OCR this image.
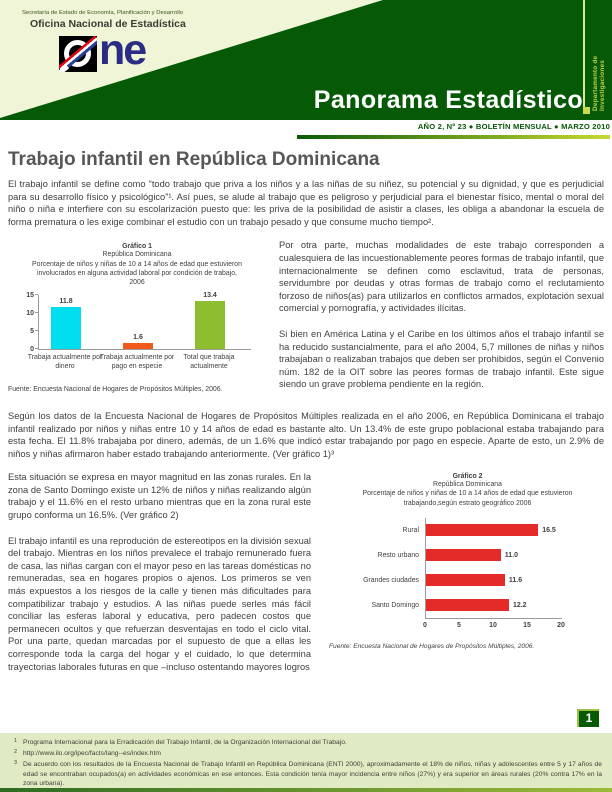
Secretaría de Estado de Economía, Planificación y Desarrollo
Oficina Nacional de Estadística
ne
Panorama Estadístico Departamento de Investigaciones
AÑO 2, Nº 23 ● BOLETÍN MENSUAL ● MARZO 2010
Trabajo infantil en República Dominicana

El trabajo infantil se define como “todo trabajo que priva a los niños y a las niñas de su niñez, su potencial y su dignidad, y que es perjudicial para su desarrollo físico y psicológico”¹. Así pues, se alude al trabajo que es peligroso y perjudicial para el bienestar físico, mental o moral del niño o niña e interfiere con su escolarización puesto que: les priva de la posibilidad de asistir a clases, les obliga a abandonar la escuela de forma prematura o les exige combinar el estudio con un trabajo pesado y que consume mucho tiempo².

Gráfico 1
República Dominicana
Porcentaje de niños y niñas de 10 a 14 años de edad que estuvieron involucrados en alguna actividad laboral por condición de trabajo,
2006
0
5
10
15
11.8
1.6
13.4
Trabaja actualmente por dinero
Trabaja actualmente por pago en especie
Total que trabaja actualmente
Fuente: Encuesta Nacional de Hogares de Propósitos Múltiples, 2006.

Por otra parte, muchas modalidades de este trabajo corresponden a cualesquiera de las incuestionablemente peores formas de trabajo infantil, que internacionalmente se definen como esclavitud, trata de personas, servidumbre por deudas y otras formas de trabajo como el reclutamiento forzoso de niños(as) para utilizarlos en conflictos armados, explotación sexual comercial y pornografía, y actividades ilícitas.

Si bien en América Latina y el Caribe en los últimos años el trabajo infantil se ha reducido sustancialmente, para el año 2004, 5,7 millones de niñas y niños trabajaban o realizaban trabajos que deben ser prohibidos, según el Convenio núm. 182 de la OIT sobre las peores formas de trabajo infantil. Este sigue siendo un grave problema pendiente en la región.

Según los datos de la Encuesta Nacional de Hogares de Propósitos Múltiples realizada en el año 2006, en República Dominicana el trabajo infantil realizado por niños y niñas entre 10 y 14 años de edad es bastante alto. Un 13.4% de este grupo poblacional estaba trabajando para esta fecha. El 11.8% trabajaba por dinero, además, de un 1.6% que indicó estar trabajando por pago en especie. Aparte de esto, un 2.9% de niños y niñas afirmaron haber estado trabajando anteriormente. (Ver gráfico 1)³

Esta situación se expresa en mayor magnitud en las zonas rurales. En la zona de Santo Domingo existe un 12% de niños y niñas realizando algún trabajo y el 11.6% en el resto urbano mientras que en la zona rural este grupo conforma un 16.5%. (Ver gráfico 2)

El trabajo infantil es una reprodución de estereotipos en la división sexual del trabajo. Mientras en los niños prevalece el trabajo remunerado fuera de casa, las niñas cargan con el mayor peso en las tareas domésticas no remuneradas, sea en hogares propios o ajenos. Los primeros se ven más expuestos a los riesgos de la calle y tienen más dificultades para compatibilizar trabajo y estudios. A las niñas puede serles más fácil conciliar las esferas laboral y educativa, pero padecen costos que permanecen ocultos y que refuerzan desventajas en todo el ciclo vital. Por una parte, quedan marcadas por el supuesto de que a ellas les corresponde toda la carga del hogar y el cuidado, lo que determina trayectorias laborales futuras en que –incluso ostentando mayores logros

Gráfico 2
República Dominicana
Porcentaje de niños y niñas de 10 a 14 años de edad que estuvieron trabajando,según estrato geográfico 2006
Rural	16.5
Resto urbano	11.0
Grandes ciudades	11.6
Santo Domingo	12.2
0	5	10	15	20
Fuente: Encuesta Nacional de Hogares de Propósitos Múltiples, 2006.
1
1 Programa Internacional para la Erradicación del Trabajo Infantil, de la Organización Internacional del Trabajo.
2 http://www.ilo.org/ipec/facts/lang--es/index.htm
3 De acuerdo con los resultados de la Encuesta Nacional de Trabajo Infantil en República Dominicana (ENTI 2000), aproximadamente el 18% de niños, niñas y adolescentes entre 5 y 17 años de edad se encontraban ocupados(a) en actividades económicas en ese entonces. Esta condición tenía mayor incidencia entre niños (27%) y era superior en áreas rurales (20% contra 17% en la zona urbana).
